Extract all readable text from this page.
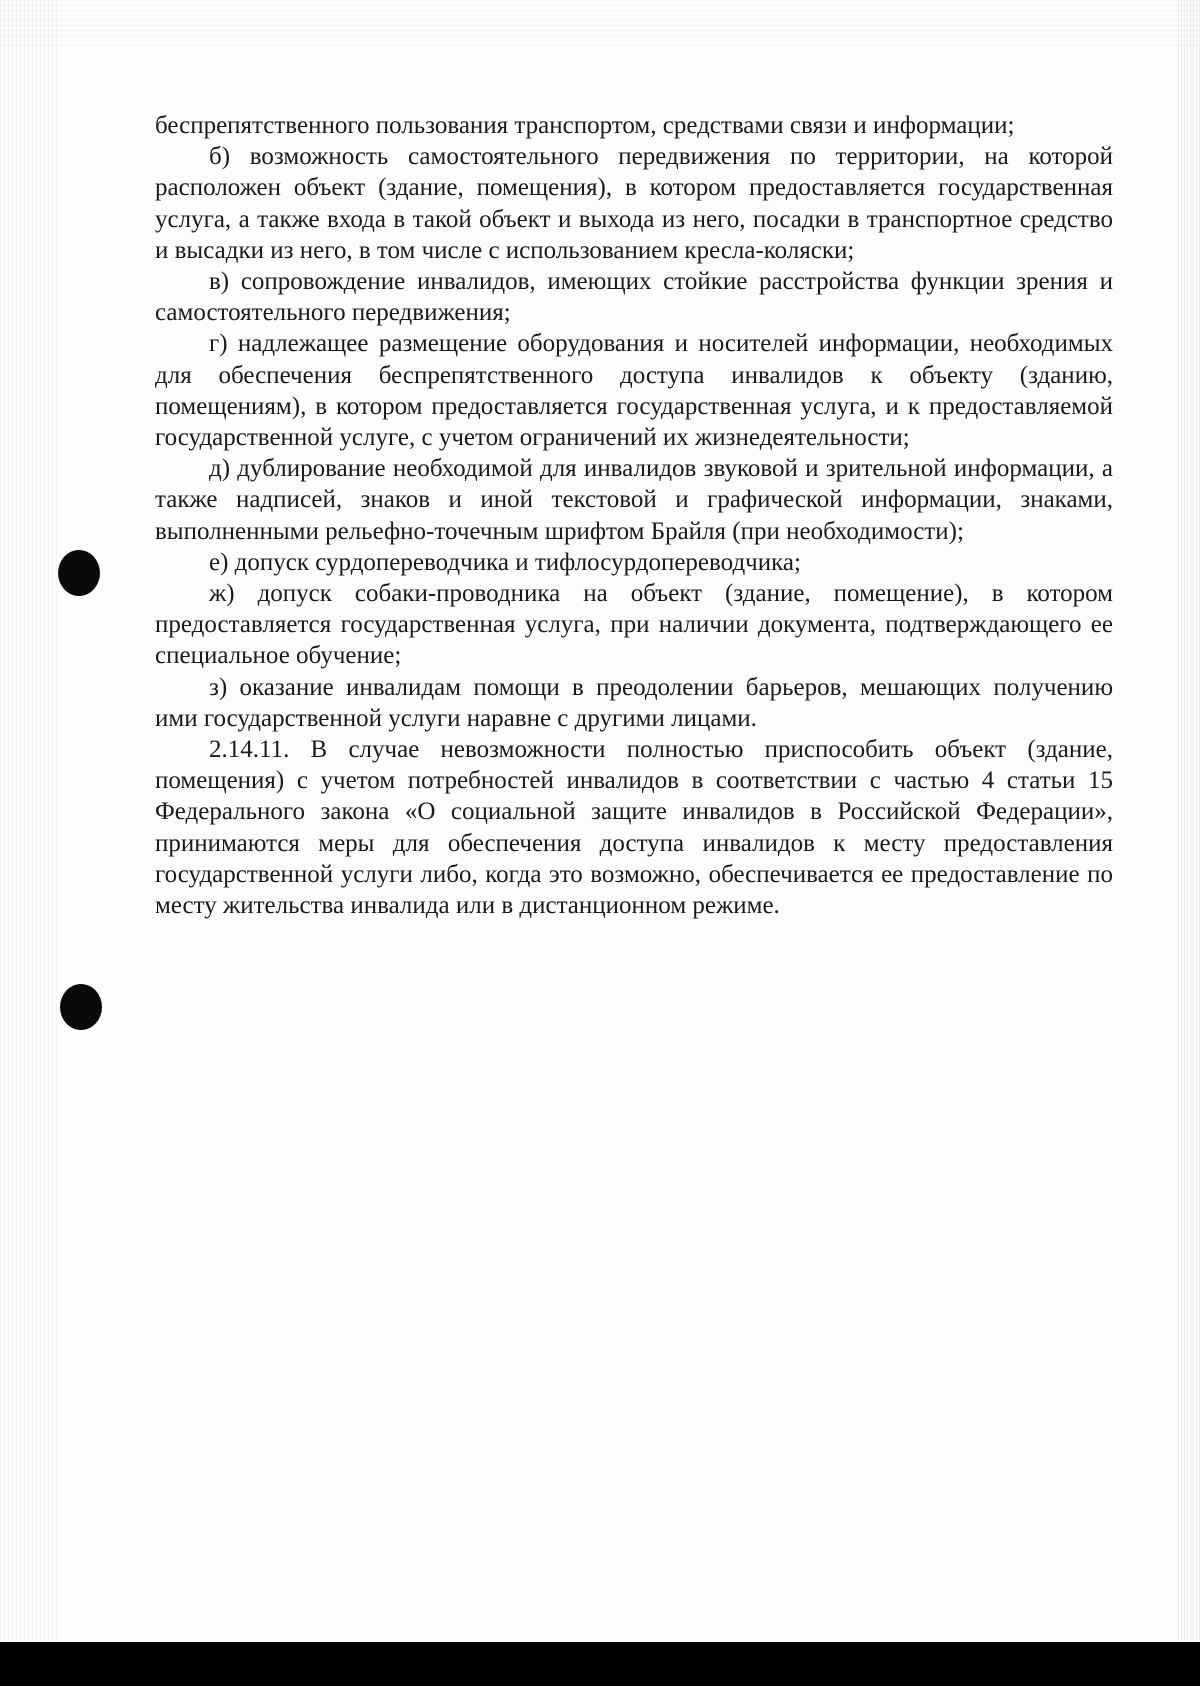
беспрепятственного пользования транспортом, средствами связи и информации;

б) возможность самостоятельного передвижения по территории, на которой расположен объект (здание, помещения), в котором предоставляется государственная услуга, а также входа в такой объект и выхода из него, посадки в транспортное средство и высадки из него, в том числе с использованием кресла-коляски;

в) сопровождение инвалидов, имеющих стойкие расстройства функции зрения и самостоятельного передвижения;

г) надлежащее размещение оборудования и носителей информации, необходимых для обеспечения беспрепятственного доступа инвалидов к объекту (зданию, помещениям), в котором предоставляется государственная услуга, и к предоставляемой государственной услуге, с учетом ограничений их жизнедеятельности;

д) дублирование необходимой для инвалидов звуковой и зрительной информации, а также надписей, знаков и иной текстовой и графической информации, знаками, выполненными рельефно-точечным шрифтом Брайля (при необходимости);

е) допуск сурдопереводчика и тифлосурдопереводчика;

ж) допуск собаки-проводника на объект (здание, помещение), в котором предоставляется государственная услуга, при наличии документа, подтверждающего ее специальное обучение;

з) оказание инвалидам помощи в преодолении барьеров, мешающих получению ими государственной услуги наравне с другими лицами.

2.14.11. В случае невозможности полностью приспособить объект (здание, помещения) с учетом потребностей инвалидов в соответствии с частью 4 статьи 15 Федерального закона «О социальной защите инвалидов в Российской Федерации», принимаются меры для обеспечения доступа инвалидов к месту предоставления государственной услуги либо, когда это возможно, обеспечивается ее предоставление по месту жительства инвалида или в дистанционном режиме.
